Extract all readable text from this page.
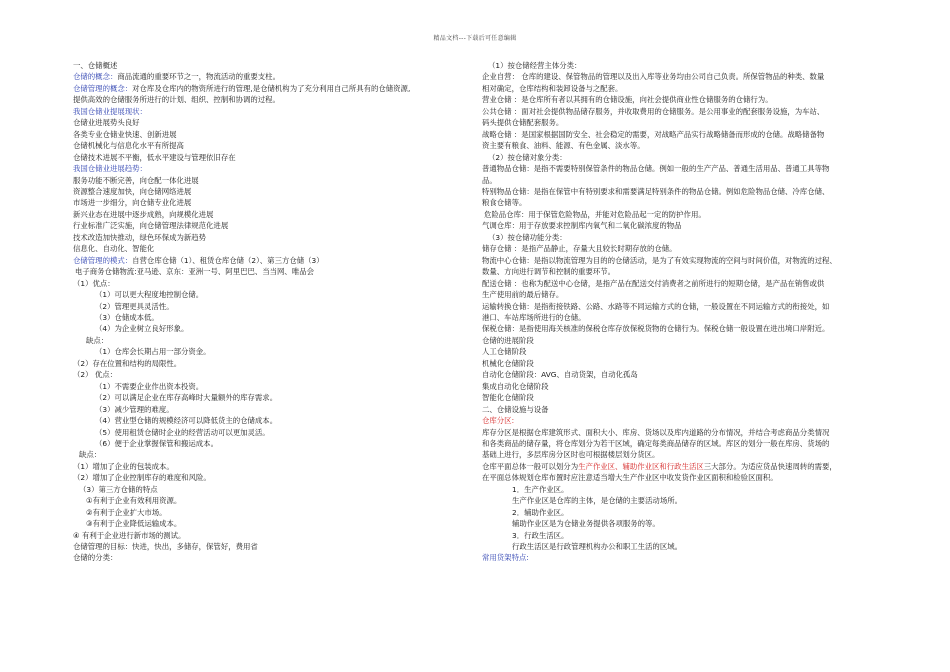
精品文档---下载后可任意编辑
一、仓储概述
仓储的概念：商品流通的重要环节之一，物流活动的重要支柱。
仓储管理的概念：对仓库及仓库内的物资所进行的管理,是仓储机构为了充分利用自己所具有的仓储资源,
提供高效的仓储服务所进行的计划、组织、控制和协调的过程。
我国仓储业提展现状：
仓储业进展势头良好
各类专业仓储业快速、创新进展
仓储机械化与信息化水平有所提高
仓储技术进展不平衡，低水平建设与管理依旧存在
我国仓储业进展趋势：
服务功能不断完善，向仓配一体化进展
资源整合速度加快，向仓储网络进展
市场进一步细分，向仓储专业化进展
新兴业态在进展中逐步成熟，向规模化进展
行业标准广泛实施，向仓储管理法律规范化进展
技术改造加快推动，绿色环保成为新趋势
信息化、自动化、智能化
仓储管理的模式：自营仓库仓储（1）、租赁仓库仓储（2）、第三方仓储（3）
电子商务仓储物流:亚马逊、京东：亚洲一号、阿里巴巴、当当网、唯品会
（1）优点：
（1）可以更大程度地控制仓储。
（2）管理更具灵活性。
（3）仓储成本低。
（4）为企业树立良好形象。
缺点：
（1）仓库会长期占用一部分资金。
（2）存在位置和结构的局限性。
（2） 优点：
（1）不需要企业作出资本投资。
（2）可以满足企业在库存高峰时大量额外的库存需求。
（3）减少管理的难度。
（4）营业型仓储的规模经济可以降低货主的仓储成本。
（5）使用租赁仓储时企业的经营活动可以更加灵活。
（6）便于企业掌握保管和搬运成本。
缺点：
（1）增加了企业的包装成本。
（2）增加了企业控制库存的难度和风险。
（3）第三方仓储的特点
①有利于企业有效利用资源。
②有利于企业扩大市场。
③有利于企业降低运输成本。
④ 有利于企业进行新市场的测试。
仓储管理的目标：快进，快出，多储存，保管好，费用省
仓储的分类：
（1）按仓储经营主体分类：
企业自营： 仓库的建设、保管物品的管理以及出入库等业务均由公司自己负责。所保管物品的种类、数量
相对确定，仓库结构和装卸设备与之配套。
营业仓储 ：是仓库所有者以其拥有的仓储设施，向社会提供商业性仓储服务的仓储行为。
公共仓储 ：面对社会提供物品储存服务，并收取费用的仓储服务。是公用事业的配套服务设施，为车站、
码头提供仓储配套服务。
战略仓储 ：是国家根据国防安全、社会稳定的需要，对战略产品实行战略储备而形成的仓储。战略储备物
资主要有粮食、油料、能源、有色金属、淡水等。
（2）按仓储对象分类：
普通物品仓储：是指不需要特别保管条件的物品仓储。例如一般的生产产品、普通生活用品、普通工具等物
品。
特别物品仓储：是指在保管中有特别要求和需要满足特别条件的物品仓储。例如危险物品仓储、冷库仓储、
粮食仓储等。
危险品仓库：用于保管危险物品，并能对危险品起一定的防护作用。
气调仓库：用于存放要求控制库内氧气和二氧化碳浓度的物品
（3）按仓储功能分类：
储存仓储 ：是指产品静止，存量大且较长时期存放的仓储。
物流中心仓储：是指以物流管理为目的的仓储活动，是为了有效实现物流的空间与时间价值，对物流的过程、
数量、方向进行调节和控制的重要环节。
配送仓储 ：也称为配送中心仓储，是指产品在配送交付消费者之前所进行的短期仓储，是产品在销售或供
生产使用前的最后储存。
运输转换仓储：是指衔接铁路、公路、水路等不同运输方式的仓储，一般设置在不同运输方式的衔接处，如
港口、车站库场所进行的仓储。
保税仓储：是指使用海关核准的保税仓库存放保税货物的仓储行为。保税仓储一般设置在进出境口岸附近。
仓储的进展阶段
人工仓储阶段
机械化仓储阶段
自动化仓储阶段：AVG、自动货架，自动化孤岛
集成自动化仓储阶段
智能化仓储阶段
二、仓储设施与设备
仓库分区:
库存分区是根据仓库建筑形式、面积大小、库房、货场以及库内道路的分布情况，并结合考虑商品分类情况
和各类商品的储存量，将仓库划分为若干区域，确定每类商品储存的区域。库区的划分一般在库房、货场的
基础上进行，多层库房分区时也可根据楼层划分货区。
仓库平面总体一般可以划分为生产作业区、辅助作业区和行政生活区三大部分。为适应货品快速周转的需要，
在平面总体规划仓库布置时应注意适当增大生产作业区中收发货作业区面积和检验区面积。
1．生产作业区。
生产作业区是仓库的主体，是仓储的主要活动场所。
2．辅助作业区。
辅助作业区是为仓储业务提供各项服务的等。
3．行政生活区。
行政生活区是行政管理机构办公和职工生活的区域。
常用货架特点:
